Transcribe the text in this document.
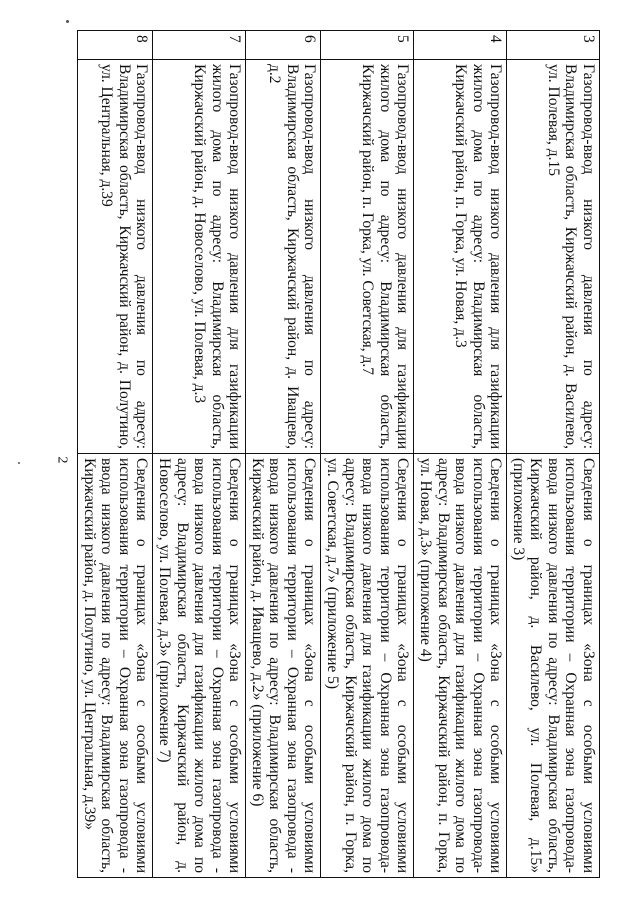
2
3	Газопровод-ввод низкого давления по адресу: Владимирская область, Киржачский район, д. Василево, ул. Полевая, д.15	Сведения о границах «Зона с особыми условиями использования территории – Охранная зона газопровода-ввода низкого давления по адресу: Владимирская область, Киржачский район, д. Василево, ул. Полевая, д.15» (приложение 3)
4	Газопровод-ввод низкого давления для газификации жилого дома по адресу: Владимирская область, Киржачский район, п. Горка, ул. Новая, д.3	Сведения о границах «Зона с особыми условиями использования территории – Охранная зона газопровода-ввода низкого давления для газификации жилого дома по адресу: Владимирская область, Киржачский район, п. Горка, ул. Новая, д.3» (приложение 4)
5	Газопровод-ввод низкого давления для газификации жилого дома по адресу: Владимирская область, Киржачский район, п. Горка, ул. Советская, д.7	Сведения о границах «Зона с особыми условиями использования территории – Охранная зона газопровода-ввода низкого давления для газификации жилого дома по адресу: Владимирская область, Киржачский район, п. Горка, ул. Советская, д.7» (приложение 5)
6	Газопровод-ввод низкого давления по адресу: Владимирская область, Киржачский район, д. Иващево, д.2	Сведения о границах «Зона с особыми условиями использования территории – Охранная зона газопровода - ввода низкого давления по адресу: Владимирская область, Киржачский район, д. Иващево, д.2» (приложение 6)
7	Газопровод-ввод низкого давления для газификации жилого дома по адресу: Владимирская область, Киржачский район, д. Новоселово, ул. Полевая, д.3	Сведения о границах «Зона с особыми условиями использования территории – Охранная зона газопровода - ввода низкого давления для газификации жилого дома по адресу: Владимирская область, Киржачский район, д. Новоселово, ул. Полевая, д.3» (приложение 7)
8	Газопровод-ввод низкого давления по адресу: Владимирская область, Киржачский район, д. Полутино, ул. Центральная, д.39	Сведения о границах «Зона с особыми условиями использования территории – Охранная зона газопровода - ввода низкого давления по адресу: Владимирская область, Киржачский район, д. Полутино, ул. Центральная, д.39»
